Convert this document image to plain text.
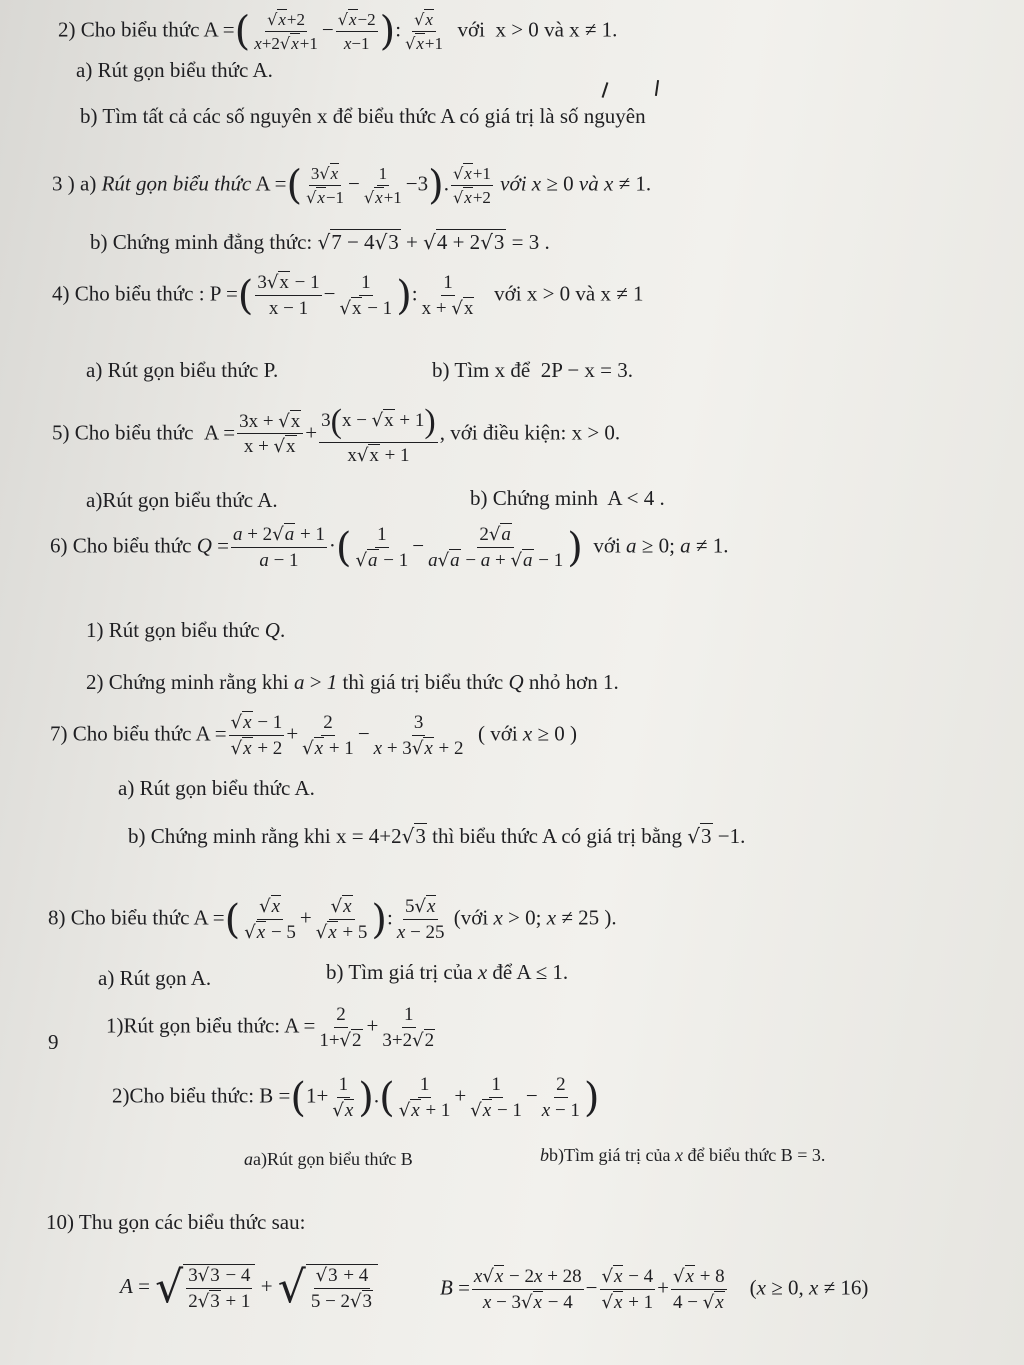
2) Cho biểu thức A =( $\frac{√x+2}{x+2√x+1} - \frac{√x-2}{x-1}$ ): $\frac{√x}{√x+1}$ với  x > 0 và x ≠ 1.
a) Rút gọn biểu thức A.
b) Tìm tất cả các số nguyên x để biểu thức A có giá trị là số nguyên
3 ) a) Rút gọn biểu thức A =( $\frac{3√x}{√x-1} - \frac{1}{√x+1} -3$). $\frac{√x+1}{√x+2}$ với x ≥ 0 và x ≠ 1.
b) Chứng minh đẳng thức: √7 − 4√3 + √4 + 2√3 = 3 .
4) Cho biểu thức : P =( $\frac{3√x - 1}{x - 1} - \frac{1}{√x - 1}$ ): $\frac{1}{x + √x}$ với x > 0 và x ≠ 1
a) Rút gọn biểu thức P.	b) Tìm x để  2P − x = 3.
5) Cho biểu thức  $A = \frac{3x + √x}{x + √x} + \frac{3(x - √x + 1)}{x√x + 1}$ , với điều kiện: x > 0.
a)Rút gọn biểu thức A.	b) Chứng minh  A < 4 .
6) Cho biểu thức $Q = \frac{a + 2√a + 1}{a - 1}$ ·( $\frac{1}{√a - 1} - \frac{2√a}{a√a - a + √a - 1}$ ) với a ≥ 0; a ≠ 1.
1) Rút gọn biểu thức Q.
2) Chứng minh rằng khi a > 1 thì giá trị biểu thức Q nhỏ hơn 1.
7) Cho biểu thức $A = \frac{√x - 1}{√x + 2} + \frac{2}{√x + 1} - \frac{3}{x + 3√x + 2}$ ( với x ≥ 0 )
a) Rút gọn biểu thức A.
b) Chứng minh rằng khi x = 4+2√3 thì biểu thức A có giá trị bằng √3 −1.
8) Cho biểu thức A =( $\frac{√x}{√x - 5} + \frac{√x}{√x + 5}$ ): $\frac{5√x}{x - 25}$ (với x > 0; x ≠ 25 ).
a) Rút gọn A.	b) Tìm giá trị của x để A ≤ 1.
9
1)Rút gọn biểu thức: $A = \frac{2}{1+√2} + \frac{1}{3+2√2}$
2)Cho biểu thức: $B =(1+ \frac{1}{√x}$ ).( $\frac{1}{√x + 1} + \frac{1}{√x - 1} - \frac{2}{x - 1}$ )
aa)Rút gọn biểu thức B	bb)Tìm giá trị của x để biểu thức B = 3.
10) Thu gọn các biểu thức sau:
A = √ $\frac{3√3 - 4}{2√3 + 1}$ + √ $\frac{√3 + 4}{5 - 2√3}$	$B = \frac{x√x - 2x + 28}{x - 3√x - 4} - \frac{√x - 4}{√x + 1} + \frac{√x + 8}{4 - √x} (x \ge 0$, x ≠ 16)
